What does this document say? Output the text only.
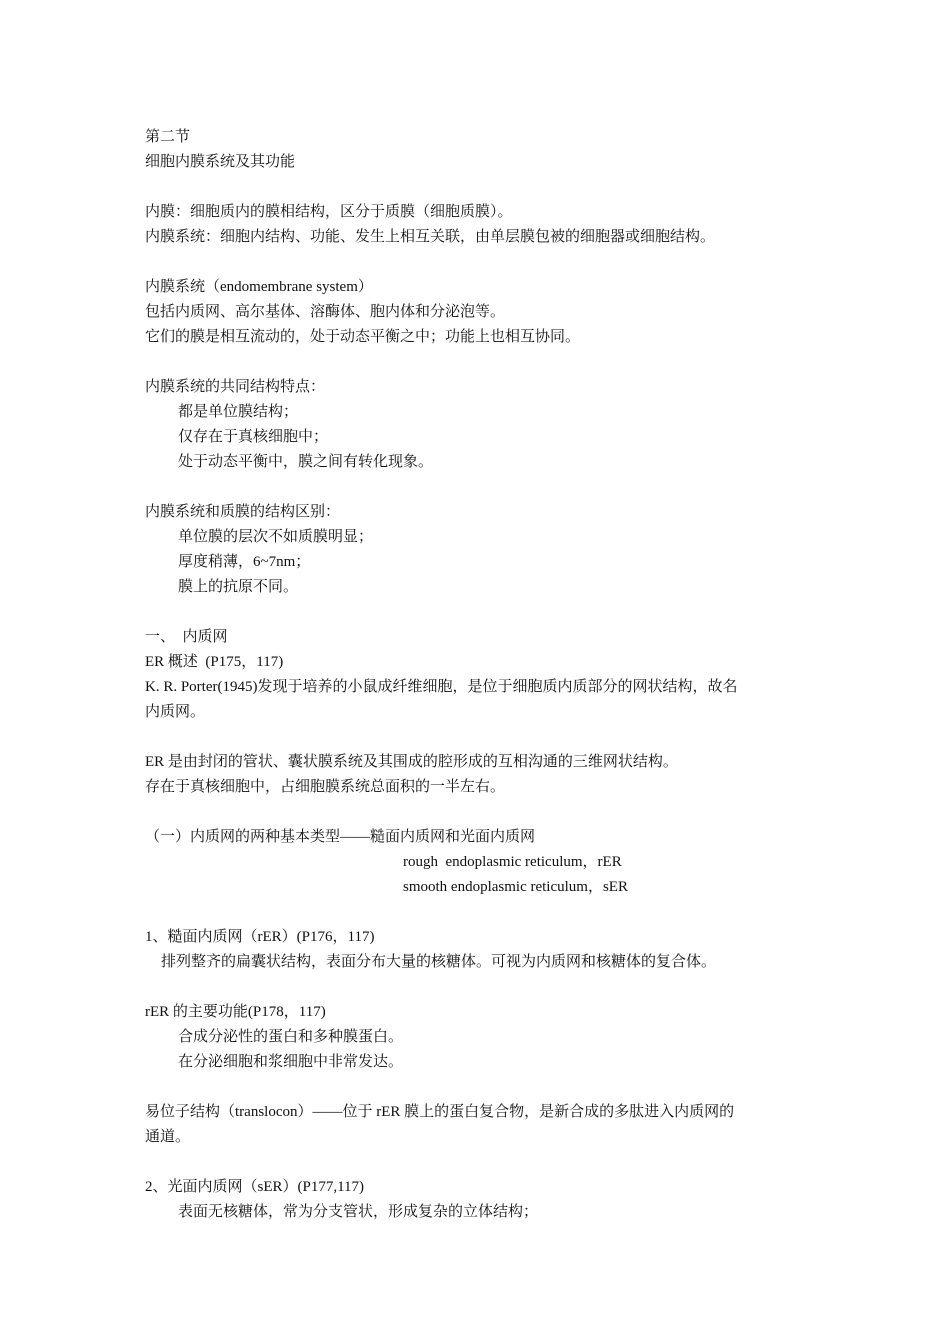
第二节
细胞内膜系统及其功能
内膜：细胞质内的膜相结构，区分于质膜（细胞质膜）。
内膜系统：细胞内结构、功能、发生上相互关联，由单层膜包被的细胞器或细胞结构。
内膜系统（endomembrane system）
包括内质网、高尔基体、溶酶体、胞内体和分泌泡等。
它们的膜是相互流动的，处于动态平衡之中；功能上也相互协同。
内膜系统的共同结构特点：
都是单位膜结构；
仅存在于真核细胞中；
处于动态平衡中，膜之间有转化现象。
内膜系统和质膜的结构区别：
单位膜的层次不如质膜明显；
厚度稍薄，6~7nm；
膜上的抗原不同。
一、  内质网
ER 概述  (P175，117)
K. R. Porter(1945)发现于培养的小鼠成纤维细胞，是位于细胞质内质部分的网状结构，故名
内质网。
ER 是由封闭的管状、囊状膜系统及其围成的腔形成的互相沟通的三维网状结构。
存在于真核细胞中，占细胞膜系统总面积的一半左右。
（一）内质网的两种基本类型——糙面内质网和光面内质网
rough  endoplasmic reticulum，rER
smooth endoplasmic reticulum，sER
1、糙面内质网（rER）(P176，117)
排列整齐的扁囊状结构，表面分布大量的核糖体。可视为内质网和核糖体的复合体。
rER 的主要功能(P178，117)
合成分泌性的蛋白和多种膜蛋白。
在分泌细胞和浆细胞中非常发达。
易位子结构（translocon）——位于 rER 膜上的蛋白复合物，是新合成的多肽进入内质网的
通道。
2、光面内质网（sER）(P177,117)
表面无核糖体，常为分支管状，形成复杂的立体结构；
